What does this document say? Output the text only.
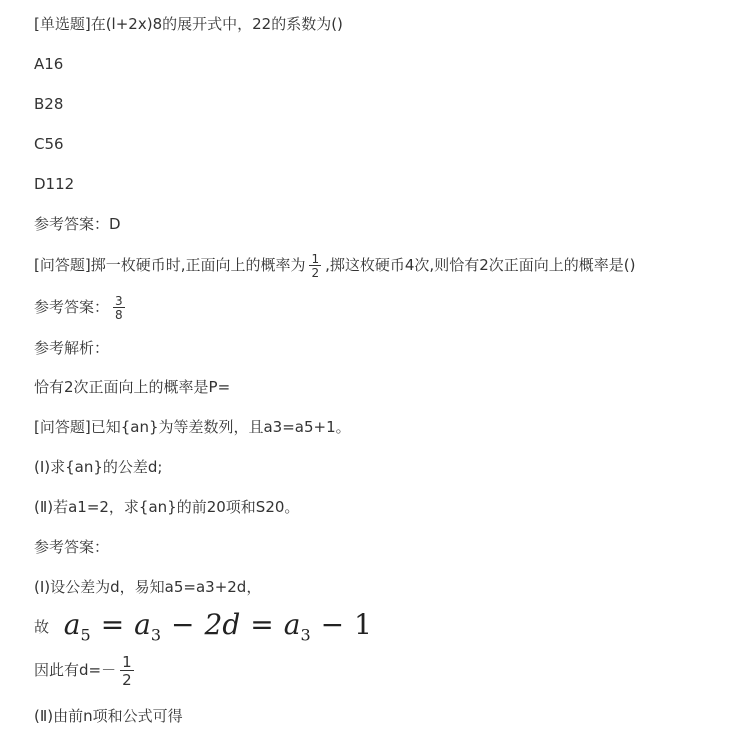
[单选题]在(l+2x)8的展开式中，22的系数为()
A16
B28
C56
D112
参考答案：D
[问答题]掷一枚硬币时,正面向上的概率为 $\frac{1}{2}$ ,掷这枚硬币4次,则恰有2次正面向上的概率是()
参考答案： $\frac{3}{8}$
参考解析：
恰有2次正面向上的概率是P=
[问答题]已知{an}为等差数列，且a3=a5+1。
(Ⅰ)求{an}的公差d;
(Ⅱ)若a1=2，求{an}的前20项和S20。
参考答案：
(Ⅰ)设公差为d，易知a5=a3+2d，
故 $a_5 = a_3 - 2d = a_3 - 1$
因此有$d=- \frac{1}{2}$
(Ⅱ)由前n项和公式可得
